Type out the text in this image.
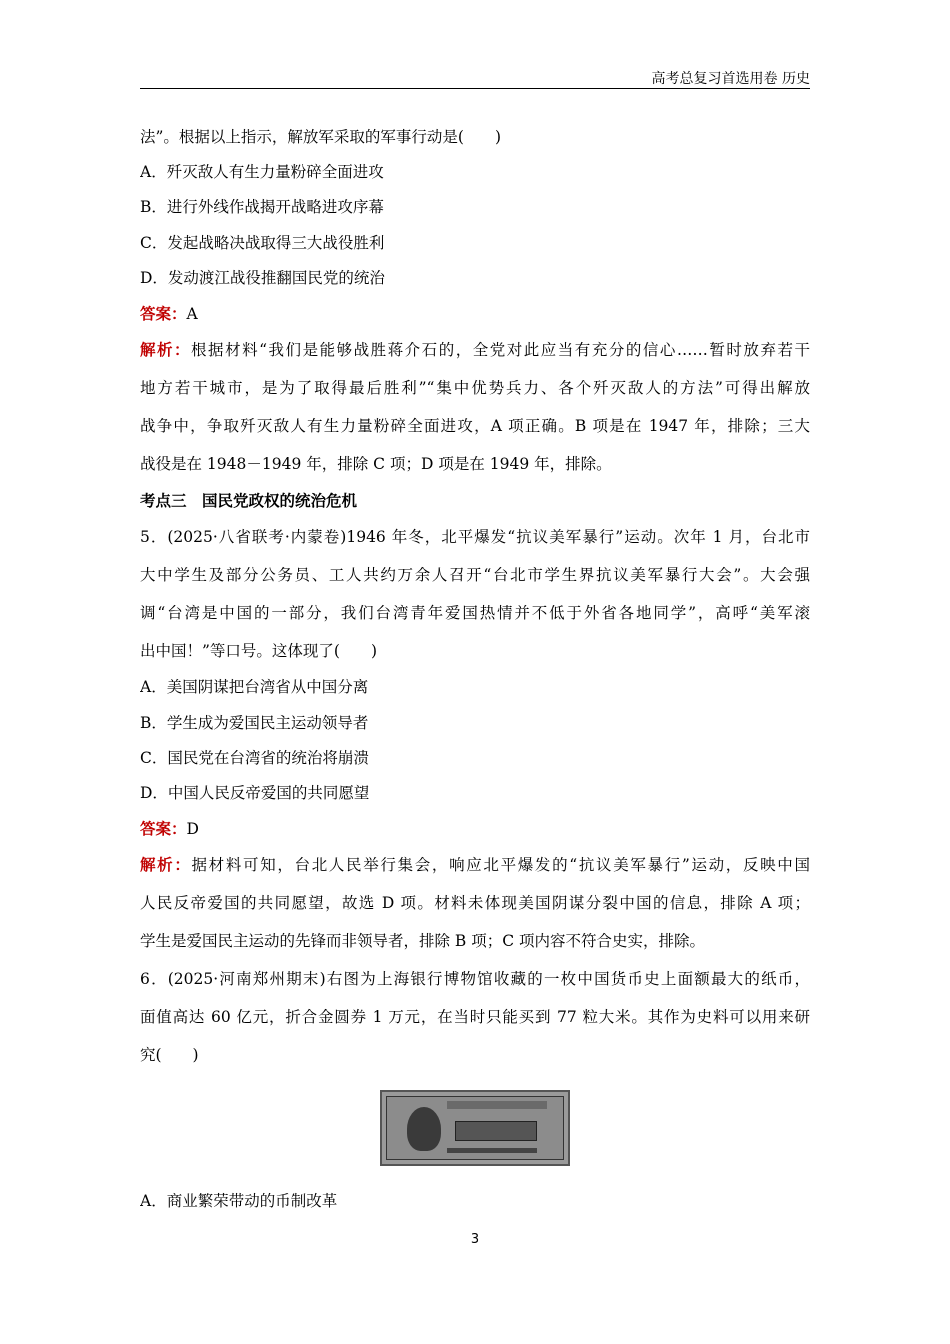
高考总复习首选用卷 历史
法”。根据以上指示，解放军采取的军事行动是(　　)
A．歼灭敌人有生力量粉碎全面进攻
B．进行外线作战揭开战略进攻序幕
C．发起战略决战取得三大战役胜利
D．发动渡江战役推翻国民党的统治
答案：A
解析：根据材料“我们是能够战胜蒋介石的，全党对此应当有充分的信心……暂时放弃若干
地方若干城市，是为了取得最后胜利”“集中优势兵力、各个歼灭敌人的方法”可得出解放
战争中，争取歼灭敌人有生力量粉碎全面进攻，A 项正确。B 项是在 1947 年，排除；三大
战役是在 1948－1949 年，排除 C 项；D 项是在 1949 年，排除。
考点三　国民党政权的统治危机
5．(2025·八省联考·内蒙卷)1946 年冬，北平爆发“抗议美军暴行”运动。次年 1 月，台北市
大中学生及部分公务员、工人共约万余人召开“台北市学生界抗议美军暴行大会”。大会强
调“台湾是中国的一部分，我们台湾青年爱国热情并不低于外省各地同学”，高呼“美军滚
出中国！”等口号。这体现了(　　)
A．美国阴谋把台湾省从中国分离
B．学生成为爱国民主运动领导者
C．国民党在台湾省的统治将崩溃
D．中国人民反帝爱国的共同愿望
答案：D
解析：据材料可知，台北人民举行集会，响应北平爆发的“抗议美军暴行”运动，反映中国
人民反帝爱国的共同愿望，故选 D 项。材料未体现美国阴谋分裂中国的信息，排除 A 项；
学生是爱国民主运动的先锋而非领导者，排除 B 项；C 项内容不符合史实，排除。
6．(2025·河南郑州期末)右图为上海银行博物馆收藏的一枚中国货币史上面额最大的纸币，
面值高达 60 亿元，折合金圆券 1 万元，在当时只能买到 77 粒大米。其作为史料可以用来研
究(　　)
A．商业繁荣带动的币制改革
3
